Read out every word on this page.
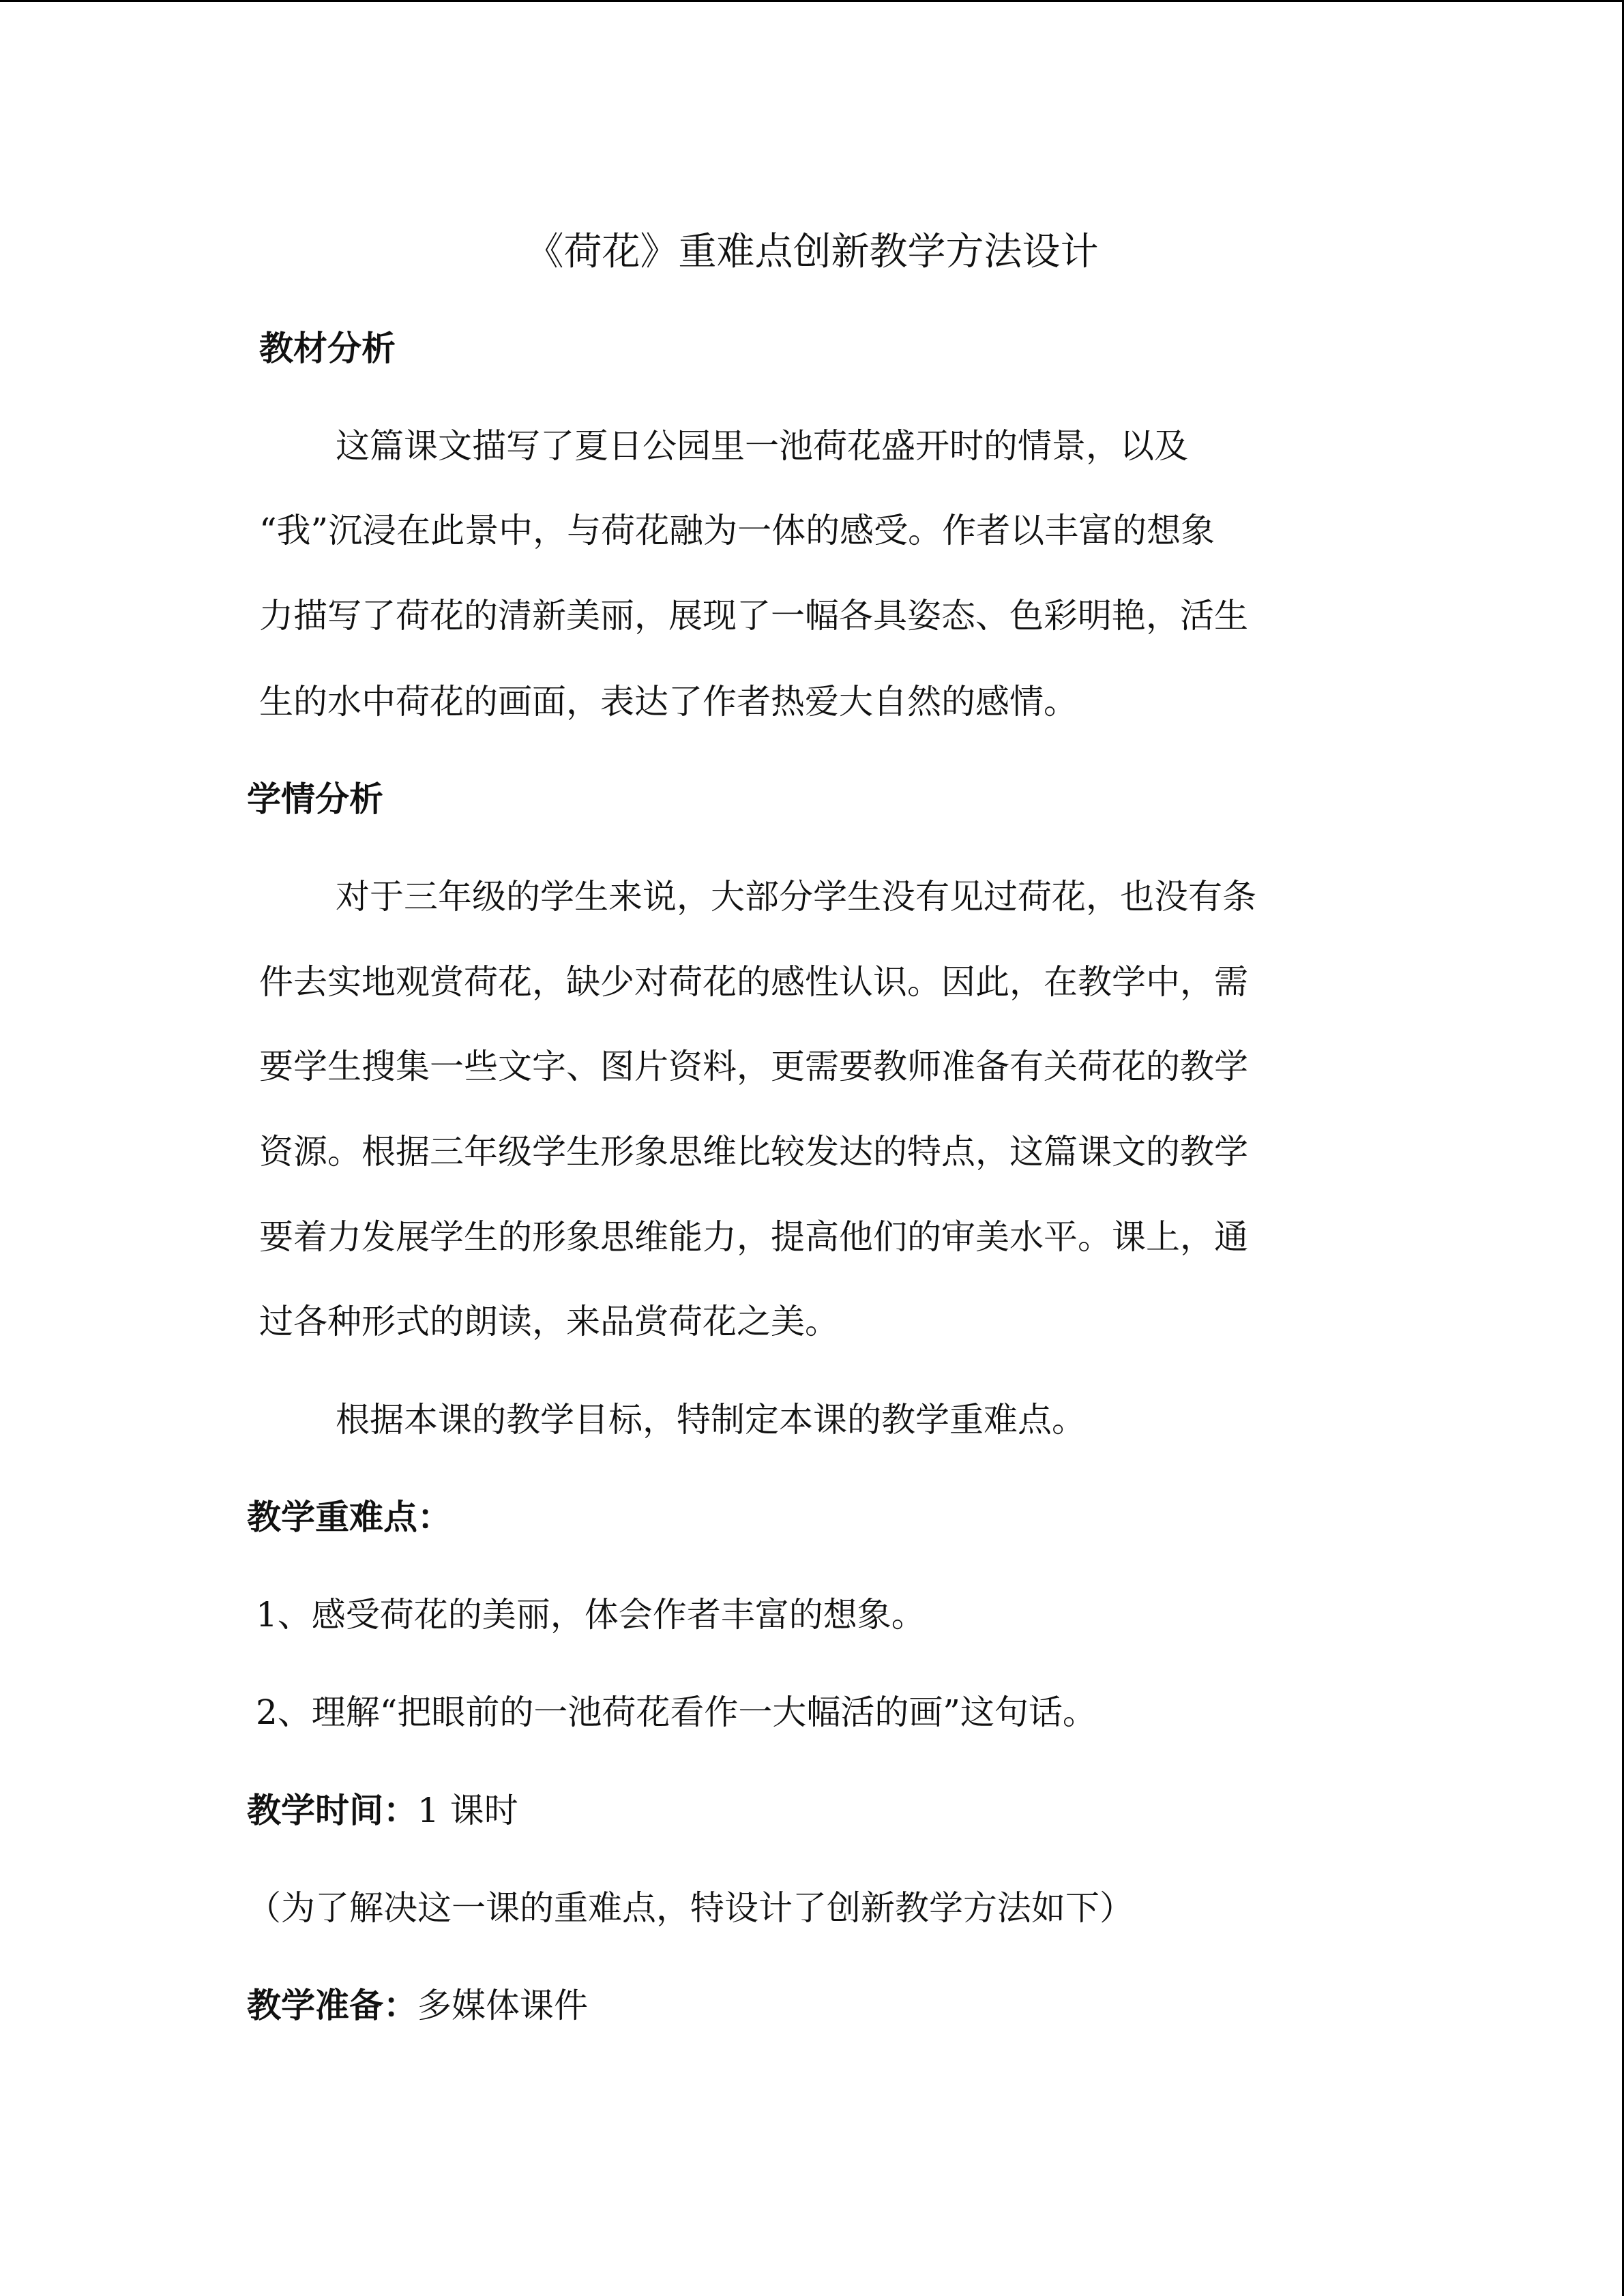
《荷花》重难点创新教学方法设计
教材分析
这篇课文描写了夏日公园里一池荷花盛开时的情景，以及
“我”沉浸在此景中，与荷花融为一体的感受。作者以丰富的想象
力描写了荷花的清新美丽，展现了一幅各具姿态、色彩明艳，活生
生的水中荷花的画面，表达了作者热爱大自然的感情。
学情分析
对于三年级的学生来说，大部分学生没有见过荷花，也没有条
件去实地观赏荷花，缺少对荷花的感性认识。因此，在教学中，需
要学生搜集一些文字、图片资料，更需要教师准备有关荷花的教学
资源。根据三年级学生形象思维比较发达的特点，这篇课文的教学
要着力发展学生的形象思维能力，提高他们的审美水平。课上，通
过各种形式的朗读，来品赏荷花之美。
根据本课的教学目标，特制定本课的教学重难点。
教学重难点：
1、感受荷花的美丽，体会作者丰富的想象。
2、理解“把眼前的一池荷花看作一大幅活的画”这句话。
教学时间：1 课时
（为了解决这一课的重难点，特设计了创新教学方法如下）
教学准备：多媒体课件
